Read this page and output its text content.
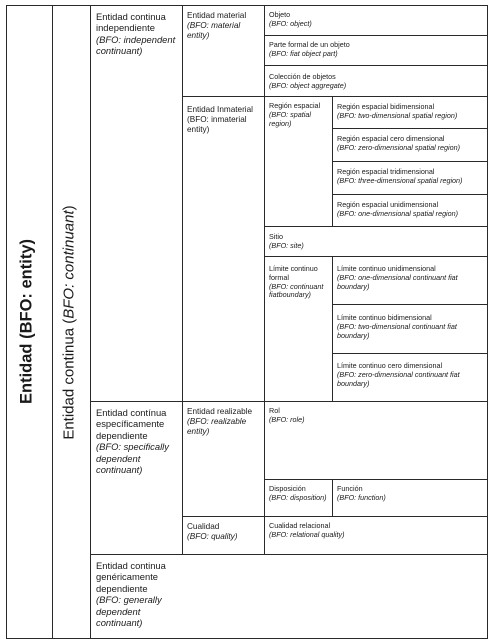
Entidad (BFO: entity)
Entidad continua (BFO: continuant)
Entidad continua independiente
(BFO: independent continuant)
Entidad contínua específicamente dependiente
(BFO: specifically dependent continuant)
Entidad continua genéricamente dependiente
(BFO: generally dependent continuant)
Entidad material
(BFO: material entity)
Entidad Inmaterial
(BFO: inmaterial entity)
Entidad realizable
(BFO: realizable entity)
Cualidad
(BFO: quality)
Objeto
(BFO: object)
Parte formal de un objeto
(BFO: fiat object part)
Colección de objetos
(BFO: object aggregate)
Región espacial
(BFO: spatial region)
Región espacial bidimensional
(BFO: two-dimensional spatial region)
Región espacial cero dimensional
(BFO: zero-dimensional spatial region)
Región espacial tridimensional
(BFO: three-dimensional spatial region)
Región espacial unidimensional
(BFO: one-dimensional spatial region)
Sitio
(BFO: site)
Límite continuo formal
(BFO: continuant fiatboundary)
Límite continuo unidimensional
(BFO: one-dimensional continuant fiat boundary)
Límite continuo bidimensional
(BFO: two-dimensional continuant fiat boundary)
Límite continuo cero dimensional
(BFO: zero-dimensional continuant fiat boundary)
Rol
(BFO: role)
Disposición
(BFO: disposition)
Función
(BFO: function)
Cualidad relacional
(BFO: relational quality)
